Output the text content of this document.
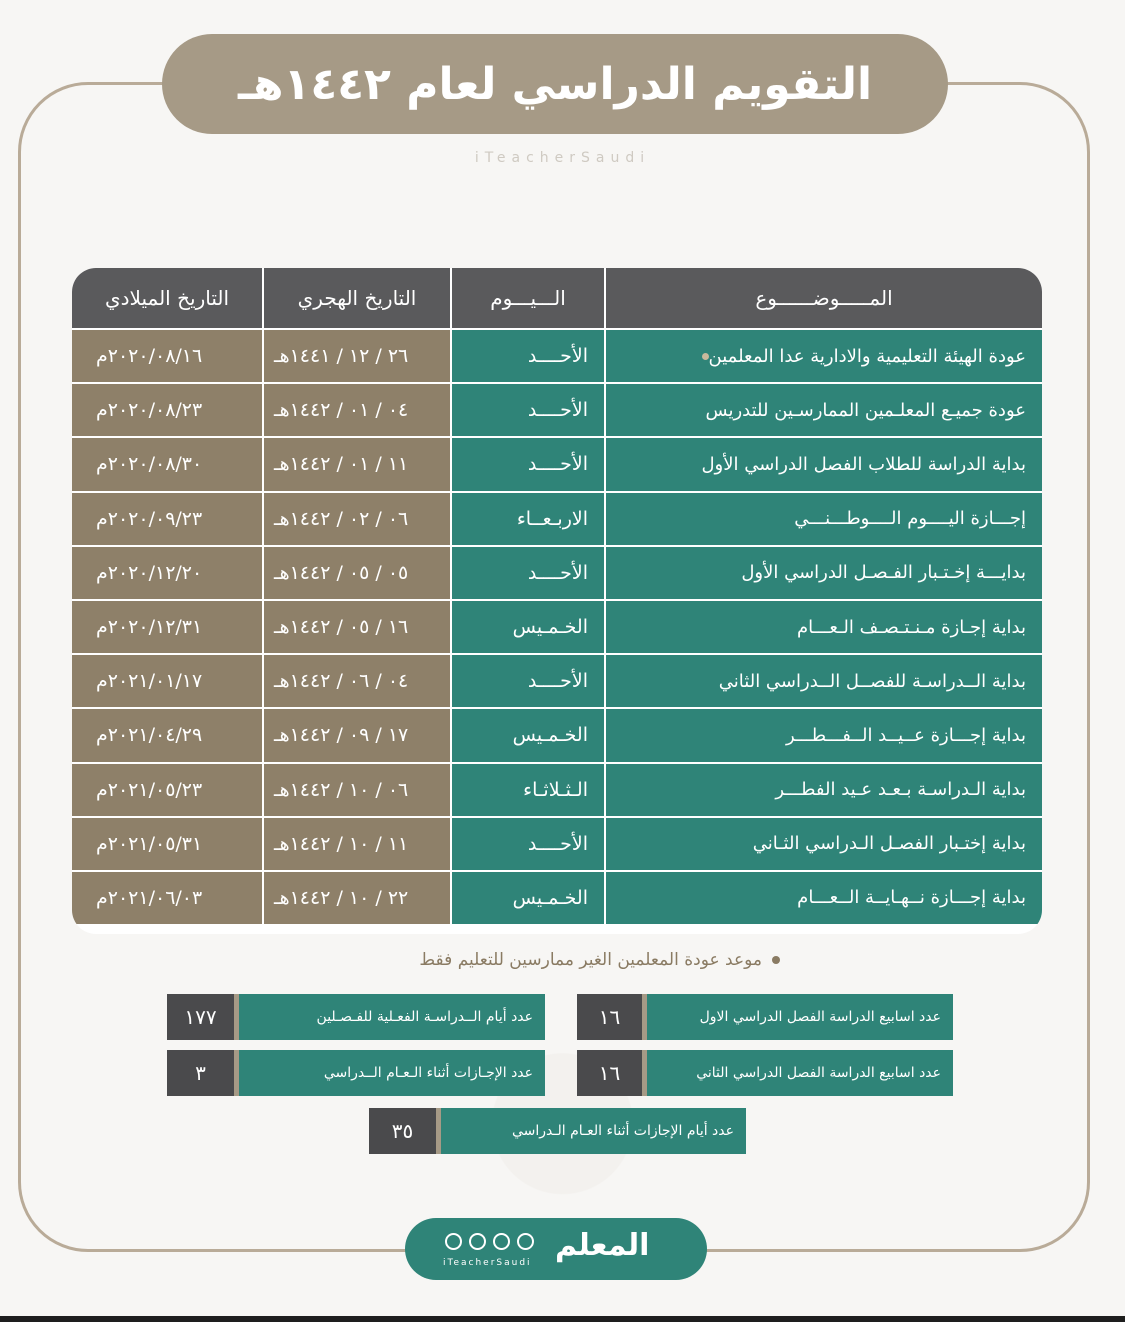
التقويم الدراسي لعام ١٤٤٢هـ
iTeacherSaudi
التاريخ الميلادي	التاريخ الهجري	الـــيـــوم	المـــــوضــــــوع
٢٠٢٠/٠٨/١٦م	٢٦ / ١٢ / ١٤٤١هـ	الأحــــد	عودة الهيئة التعليمية والادارية عدا المعلمين
٢٠٢٠/٠٨/٢٣م	٠٤ / ٠١ / ١٤٤٢هـ	الأحــــد	عودة جميـع المعلـمين الممارسـين للتدريس
٢٠٢٠/٠٨/٣٠م	١١ / ٠١ / ١٤٤٢هـ	الأحــــد	بداية الدراسة للطلاب الفصل الدراسي الأول
٢٠٢٠/٠٩/٢٣م	٠٦ / ٠٢ / ١٤٤٢هـ	الاربـعــاء	إجـــازة اليــــوم الــــوطـــنـــي
٢٠٢٠/١٢/٢٠م	٠٥ / ٠٥ / ١٤٤٢هـ	الأحــــد	بدايـــة إخـتـبار الفـصـل الدراسي الأول
٢٠٢٠/١٢/٣١م	١٦ / ٠٥ / ١٤٤٢هـ	الخـمـيس	بداية إجـازة مـنـتـصـف الـعـــام
٢٠٢١/٠١/١٧م	٠٤ / ٠٦ / ١٤٤٢هـ	الأحــــد	بداية الــدراسـة للفصــل الــدراسي الثاني
٢٠٢١/٠٤/٢٩م	١٧ / ٠٩ / ١٤٤٢هـ	الخـمـيس	بداية إجـــازة عــيــد الــفـــطـــر
٢٠٢١/٠٥/٢٣م	٠٦ / ١٠ / ١٤٤٢هـ	الـثـلاثـاء	بداية الـدراسـة بـعـد عـيد الفطـــر
٢٠٢١/٠٥/٣١م	١١ / ١٠ / ١٤٤٢هـ	الأحــــد	بداية إختـبار الفصـل الـدراسي الثـاني
٢٠٢١/٠٦/٠٣م	٢٢ / ١٠ / ١٤٤٢هـ	الخـمـيس	بداية إجـــازة نــهـايــة الــعـــام
موعد عودة المعلمين الغير ممارسين للتعليم فقط
١٦	عدد اسابيع الدراسة الفصل الدراسي الاول
١٧٧	عدد أيام الــدراسـة الفعـلية للفـصـلين
١٦	عدد اسابيع الدراسة الفصل الدراسي الثاني
٣	عدد الإجـازات أثناء الـعـام الــدراسي
٣٥	عدد أيام الإجازات أثناء العـام الـدراسي
iTeacherSaudi المعلم
